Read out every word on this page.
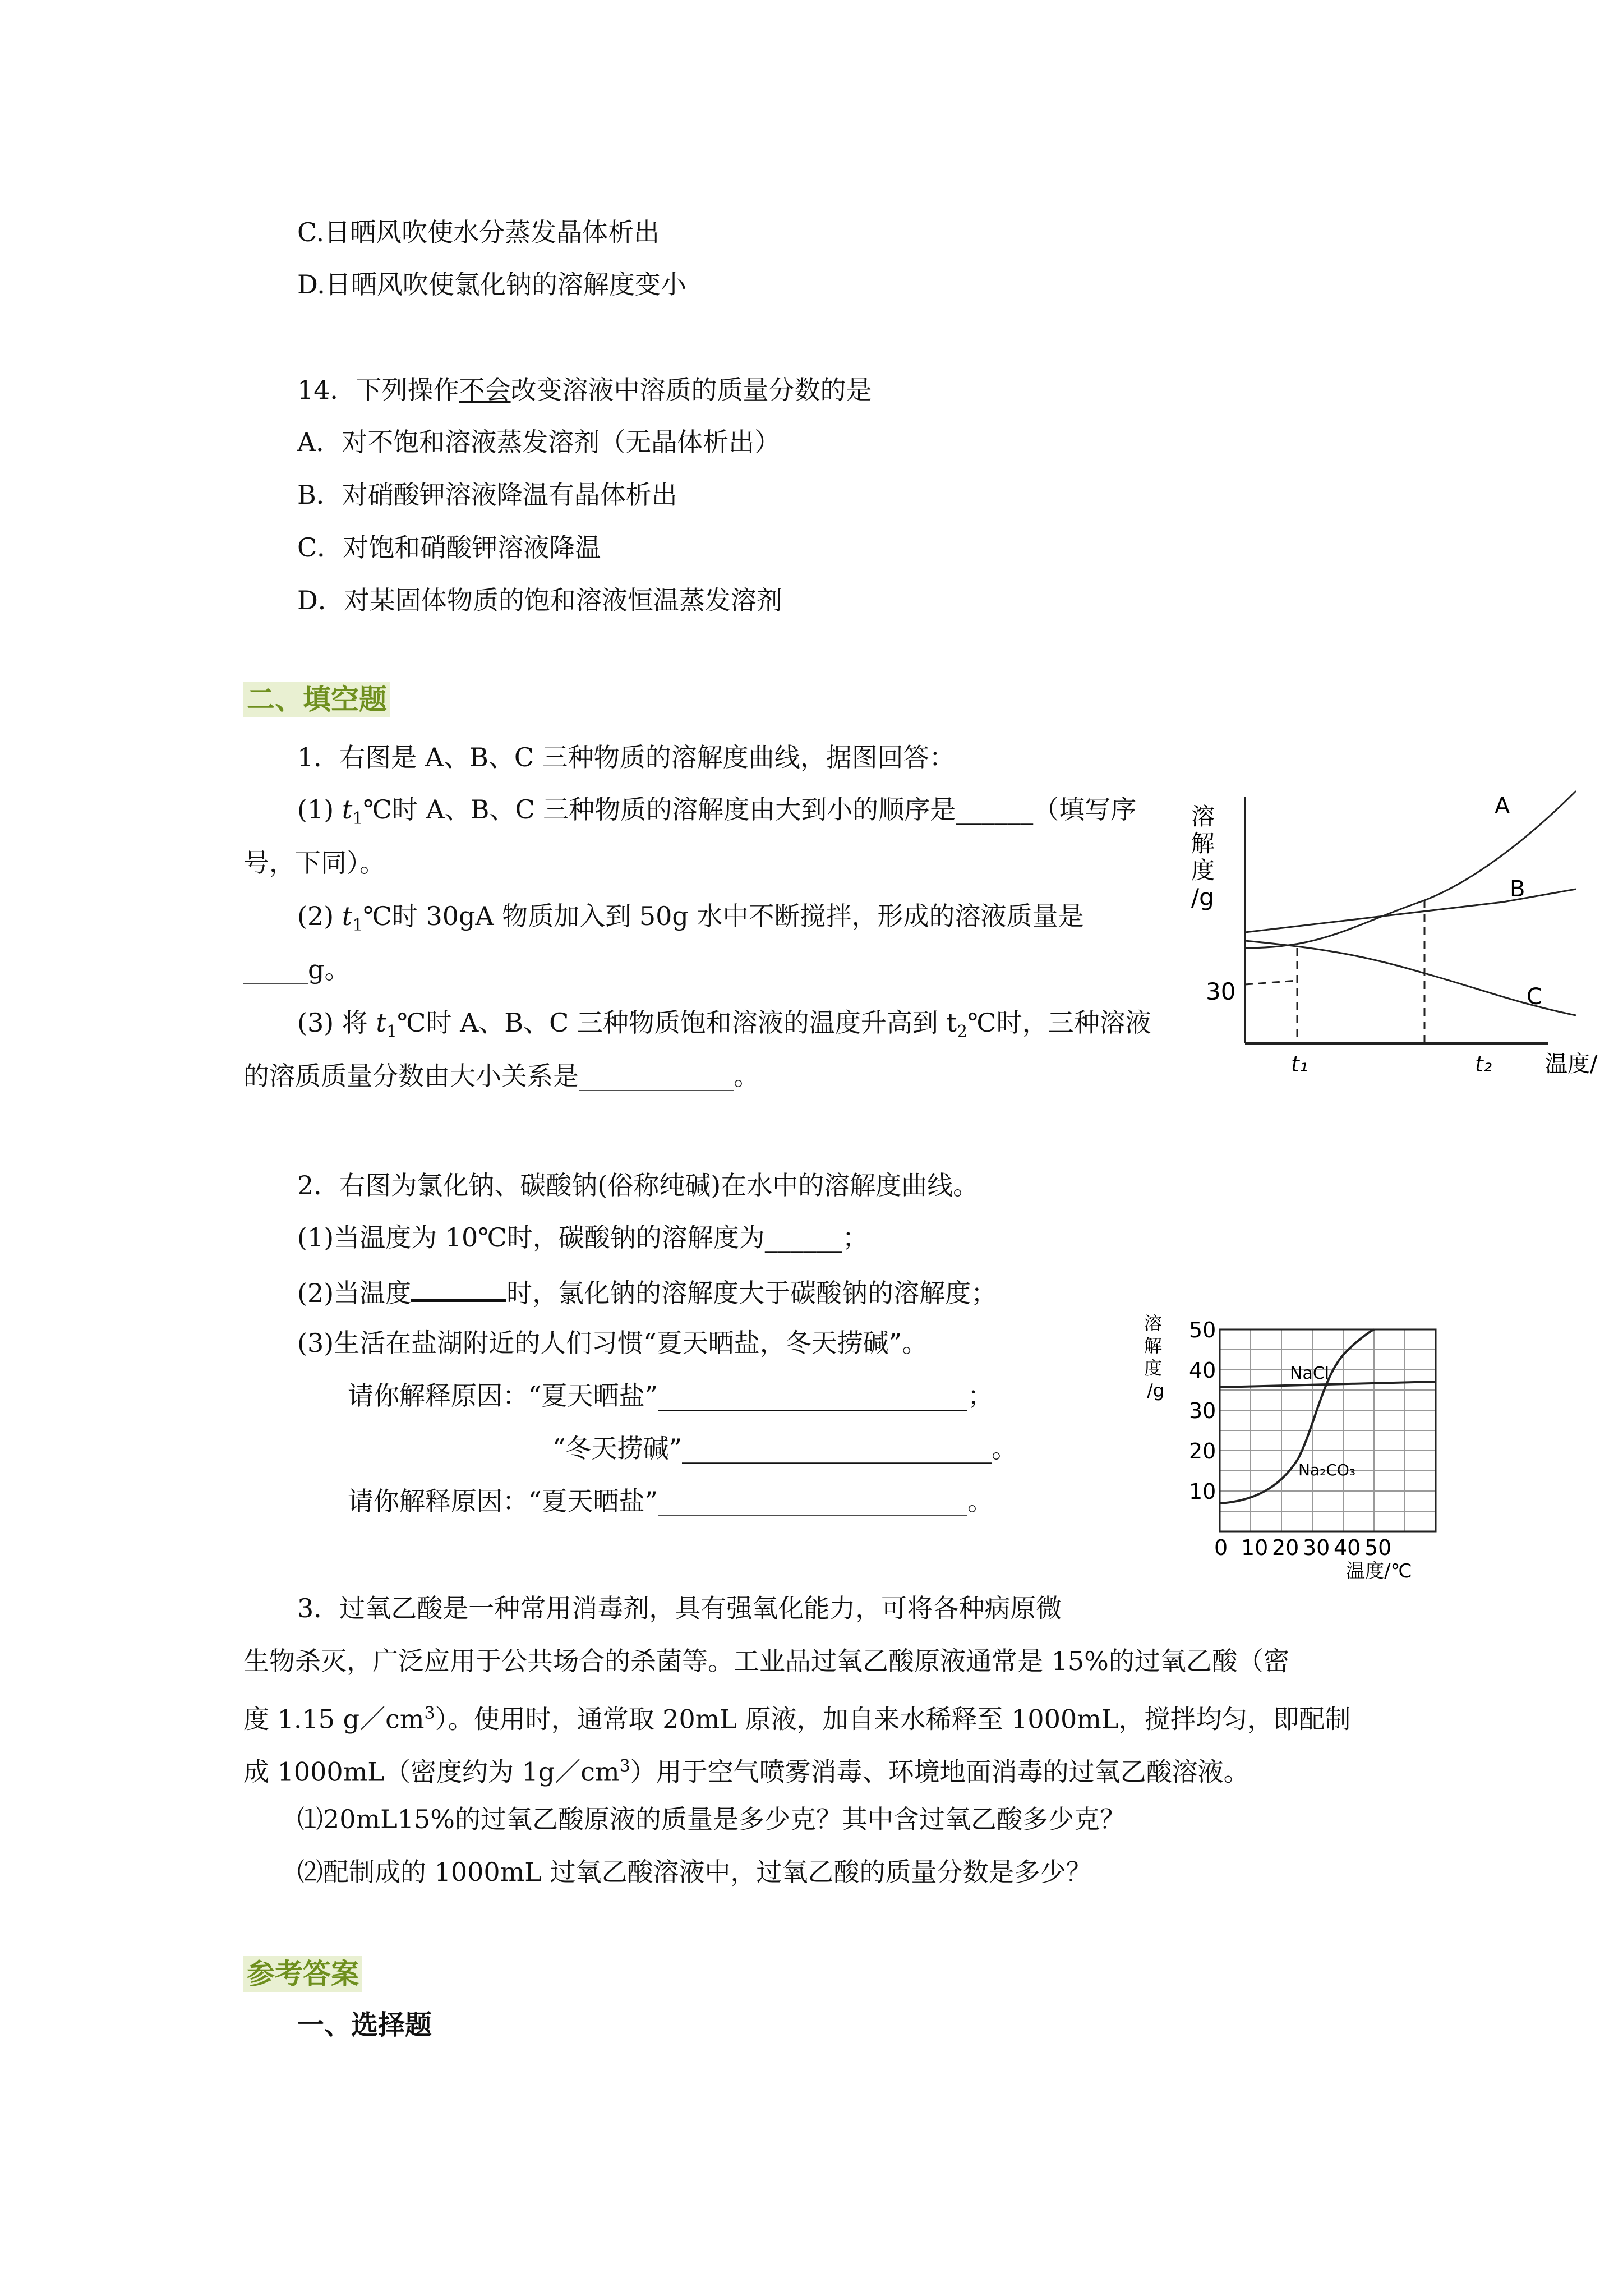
C.日晒风吹使水分蒸发晶体析出
D.日晒风吹使氯化钠的溶解度变小
14．下列操作不会改变溶液中溶质的质量分数的是
A．对不饱和溶液蒸发溶剂（无晶体析出）
B．对硝酸钾溶液降温有晶体析出
C．对饱和硝酸钾溶液降温
D．对某固体物质的饱和溶液恒温蒸发溶剂
二、填空题
1．右图是 A、B、C 三种物质的溶解度曲线，据图回答：
(1) $t_1℃$时 A、B、C 三种物质的溶解度由大到小的顺序是______（填写序
号，下同）。
(2) $t_1℃$时 30gA 物质加入到 50g 水中不断搅拌，形成的溶液质量是
_____g。
(3) 将 $t_1℃$时 A、B、C 三种物质饱和溶液的温度升高到 $t_2℃$时，三种溶液
的溶质质量分数由大小关系是____________。
溶
解
度
/g
30
A
B
C
t₁	t₂ 温度/
2．右图为氯化钠、碳酸钠(俗称纯碱)在水中的溶解度曲线。
(1)当温度为 10℃时，碳酸钠的溶解度为______；
(2)当温度	时，氯化钠的溶解度大于碳酸钠的溶解度；
(3)生活在盐湖附近的人们习惯“夏天晒盐，冬天捞碱”。
请你解释原因：“夏天晒盐”________________________；
“冬天捞碱”________________________。
请你解释原因：“夏天晒盐”________________________。
NaCl
Na₂CO₃
50
40
30
20
10
0 10 20 30 40 50
溶
解
度
/g
温度/℃
3．过氧乙酸是一种常用消毒剂，具有强氧化能力，可将各种病原微
生物杀灭，广泛应用于公共场合的杀菌等。工业品过氧乙酸原液通常是 15%的过氧乙酸（密
度 1.15 $g/cm^3$）。使用时，通常取 20mL 原液，加自来水稀释至 1000mL，搅拌均匀，即配制
成 1000mL（密度约为 $1g/cm^3$）用于空气喷雾消毒、环境地面消毒的过氧乙酸溶液。
⑴20mL15%的过氧乙酸原液的质量是多少克？其中含过氧乙酸多少克？
⑵配制成的 1000mL 过氧乙酸溶液中，过氧乙酸的质量分数是多少？
参考答案
一、选择题
